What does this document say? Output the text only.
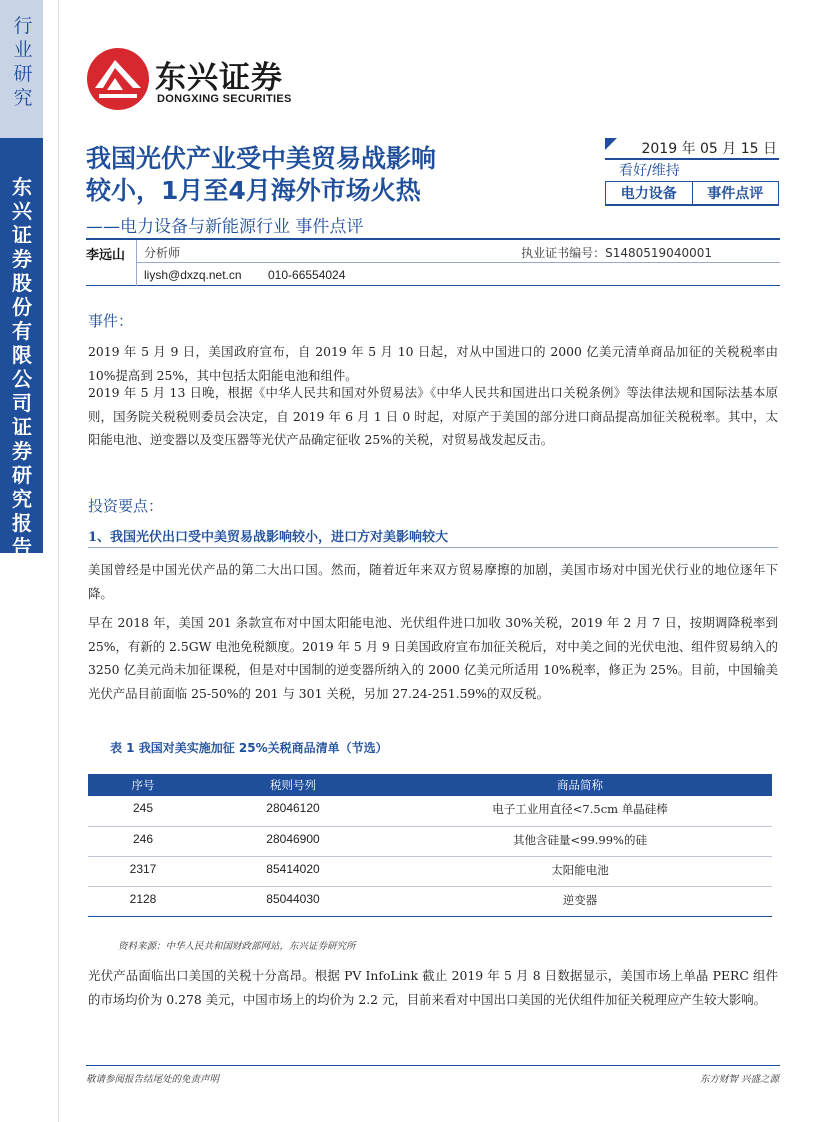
行业研究
东兴证券股份有限公司证券研究报告
东兴证券
DONGXING SECURITIES
我国光伏产业受中美贸易战影响
较小，1月至4月海外市场火热
——电力设备与新能源行业 事件点评
2019 年 05 月 15 日
看好/维持
电力设备	事件点评
李远山 分析师	执业证书编号：S1480519040001
liysh@dxzq.net.cn 010-66554024
事件：
2019 年 5 月 9 日，美国政府宣布，自 2019 年 5 月 10 日起，对从中国进口的 2000 亿美元清单商品加征的关税税率由 10%提高到 25%，其中包括太阳能电池和组件。
2019 年 5 月 13 日晚，根据《中华人民共和国对外贸易法》《中华人民共和国进出口关税条例》等法律法规和国际法基本原则，国务院关税税则委员会决定，自 2019 年 6 月 1 日 0 时起，对原产于美国的部分进口商品提高加征关税税率。其中，太阳能电池、逆变器以及变压器等光伏产品确定征收 25%的关税，对贸易战发起反击。
投资要点：
1、我国光伏出口受中美贸易战影响较小，进口方对美影响较大
美国曾经是中国光伏产品的第二大出口国。然而，随着近年来双方贸易摩擦的加剧，美国市场对中国光伏行业的地位逐年下降。
早在 2018 年，美国 201 条款宣布对中国太阳能电池、光伏组件进口加收 30%关税，2019 年 2 月 7 日，按期调降税率到 25%，有新的 2.5GW 电池免税额度。2019 年 5 月 9 日美国政府宣布加征关税后，对中美之间的光伏电池、组件贸易纳入的 3250 亿美元尚未加征课税，但是对中国制的逆变器所纳入的 2000 亿美元所适用 10%税率，修正为 25%。目前，中国输美光伏产品目前面临 25-50%的 201 与 301 关税，另加 27.24-251.59%的双反税。
表 1 我国对美实施加征 25%关税商品清单（节选）
序号	税则号列	商品简称
245	28046120	电子工业用直径<7.5cm 单晶硅棒
246	28046900	其他含硅量<99.99%的硅
2317	85414020	太阳能电池
2128	85044030	逆变器
资料来源：中华人民共和国财政部网站，东兴证券研究所
光伏产品面临出口美国的关税十分高昂。根据 PV InfoLink 截止 2019 年 5 月 8 日数据显示，美国市场上单晶 PERC 组件的市场均价为 0.278 美元，中国市场上的均价为 2.2 元，目前来看对中国出口美国的光伏组件加征关税理应产生较大影响。
敬请参阅报告结尾处的免责声明	东方财智 兴盛之源
